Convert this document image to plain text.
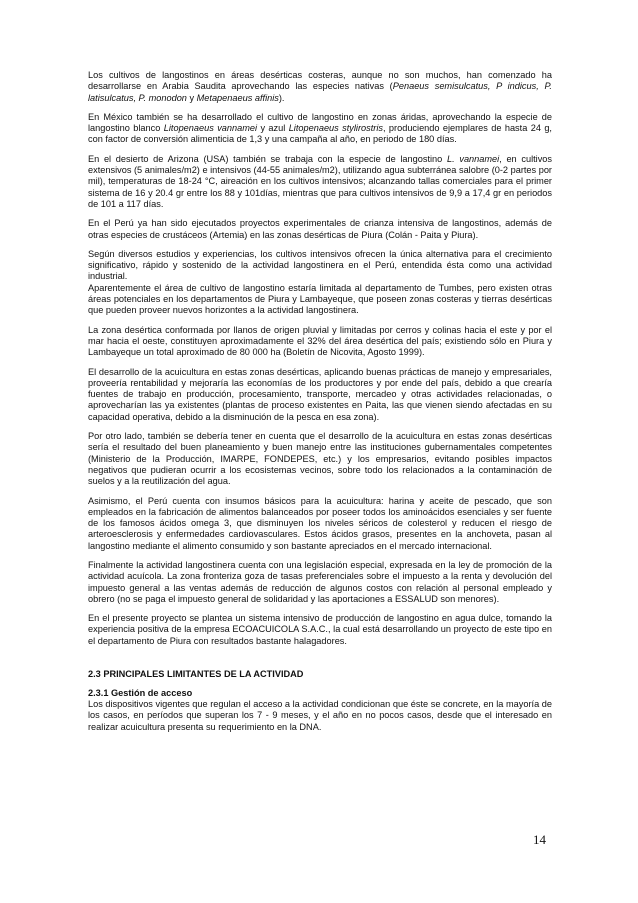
Los cultivos de langostinos en áreas desérticas costeras, aunque no son muchos, han comenzado ha desarrollarse en Arabia Saudita aprovechando las especies nativas (Penaeus semisulcatus, P indicus, P. latisulcatus, P. monodon y Metapenaeus affinis).

En México también se ha desarrollado el cultivo de langostino en zonas áridas, aprovechando la especie de langostino blanco Litopenaeus vannamei y azul Litopenaeus stylirostris, produciendo ejemplares de hasta 24 g, con factor de conversión alimenticia de 1,3 y una campaña al año, en periodo de 180 días.

En el desierto de Arizona (USA) también se trabaja con la especie de langostino L. vannamei, en cultivos extensivos (5 animales/m2) e intensivos (44-55 animales/m2), utilizando agua subterránea salobre (0-2 partes por mil), temperaturas de 18-24 °C, aireación en los cultivos intensivos; alcanzando tallas comerciales para el primer sistema de 16 y 20.4 gr entre los 88 y 101días, mientras que para cultivos intensivos de 9,9 a 17,4 gr en periodos de 101 a 117 días.

En el Perú ya han sido ejecutados proyectos experimentales de crianza intensiva de langostinos, además de otras especies de crustáceos (Artemia) en las zonas desérticas de Piura (Colán - Paita y Piura).

Según diversos estudios y experiencias, los cultivos intensivos ofrecen la única alternativa para el crecimiento significativo, rápido y sostenido de la actividad langostinera en el Perú, entendida ésta como una actividad industrial.

Aparentemente el área de cultivo de langostino estaría limitada al departamento de Tumbes, pero existen otras áreas potenciales en los departamentos de Piura y Lambayeque, que poseen zonas costeras y tierras desérticas que pueden proveer nuevos horizontes a la actividad langostinera.

La zona desértica conformada por llanos de origen pluvial y limitadas por cerros y colinas hacia el este y por el mar hacia el oeste, constituyen aproximadamente el 32% del área desértica del país; existiendo sólo en Piura y Lambayeque un total aproximado de 80 000 ha (Boletín de Nicovita, Agosto 1999).

El desarrollo de la acuicultura en estas zonas desérticas, aplicando buenas prácticas de manejo y empresariales, proveería rentabilidad y mejoraría las economías de los productores y por ende del país, debido a que crearía fuentes de trabajo en producción, procesamiento, transporte, mercadeo y otras actividades relacionadas, o aprovecharían las ya existentes (plantas de proceso existentes en Paita, las que vienen siendo afectadas en su capacidad operativa, debido a la disminución de la pesca en esa zona).

Por otro lado, también se debería tener en cuenta que el desarrollo de la acuicultura en estas zonas desérticas sería el resultado del buen planeamiento y buen manejo entre las instituciones gubernamentales competentes (Ministerio de la Producción, IMARPE, FONDEPES, etc.) y los empresarios, evitando posibles impactos negativos que pudieran ocurrir a los ecosistemas vecinos, sobre todo los relacionados a la contaminación de suelos y a la reutilización del agua.

Asimismo, el Perú cuenta con insumos básicos para la acuicultura: harina y aceite de pescado, que son empleados en la fabricación de alimentos balanceados por poseer todos los aminoácidos esenciales y ser fuente de los famosos ácidos omega 3, que disminuyen los niveles séricos de colesterol y reducen el riesgo de arteroesclerosis y enfermedades cardiovasculares. Estos ácidos grasos, presentes en la anchoveta, pasan al langostino mediante el alimento consumido y son bastante apreciados en el mercado internacional.

Finalmente la actividad langostinera cuenta con una legislación especial, expresada en la ley de promoción de la actividad acuícola. La zona fronteriza goza de tasas preferenciales sobre el impuesto a la renta y devolución del impuesto general a las ventas además de reducción de algunos costos con relación al personal empleado y obrero (no se paga el impuesto general de solidaridad y las aportaciones a ESSALUD son menores).

En el presente proyecto se plantea un sistema intensivo de producción de langostino en agua dulce, tomando la experiencia positiva de la empresa ECOACUICOLA S.A.C., la cual está desarrollando un proyecto de este tipo en el departamento de Piura con resultados bastante halagadores.

2.3 PRINCIPALES LIMITANTES DE LA ACTIVIDAD
2.3.1 Gestión de acceso

Los dispositivos vigentes que regulan el acceso a la actividad condicionan que éste se concrete, en la mayoría de los casos, en períodos que superan los 7 - 9 meses, y el año en no pocos casos, desde que el interesado en realizar acuicultura presenta su requerimiento en la DNA.

14
